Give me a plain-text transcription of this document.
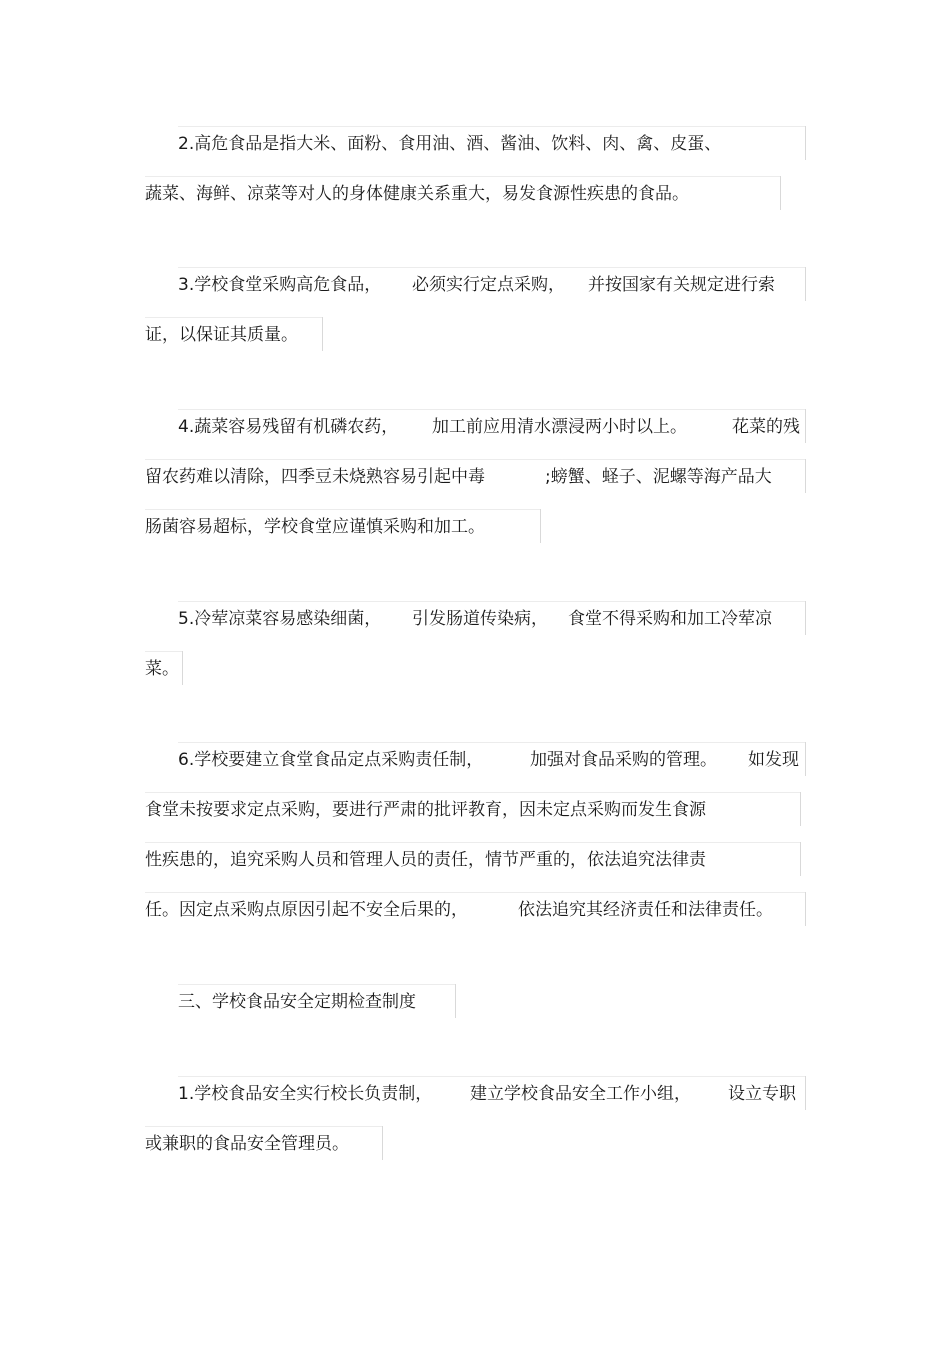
2.高危食品是指大米、面粉、食用油、酒、酱油、饮料、肉、禽、皮蛋、
蔬菜、海鲜、凉菜等对人的身体健康关系重大，易发食源性疾患的食品。
3.学校食堂采购高危食品， 必须实行定点采购， 并按国家有关规定进行索
证，以保证其质量。
4.蔬菜容易残留有机磷农药， 加工前应用清水漂浸两小时以上。	花菜的残
留农药难以清除，四季豆未烧熟容易引起中毒	;螃蟹、蛏子、泥螺等海产品大
肠菌容易超标，学校食堂应谨慎采购和加工。
5.冷荤凉菜容易感染细菌， 引发肠道传染病， 食堂不得采购和加工冷荤凉
菜。
6.学校要建立食堂食品定点采购责任制，	加强对食品采购的管理。 如发现
食堂未按要求定点采购，要进行严肃的批评教育，因未定点采购而发生食源
性疾患的，追究采购人员和管理人员的责任，情节严重的，依法追究法律责
任。因定点采购点原因引起不安全后果的，	依法追究其经济责任和法律责任。
三、学校食品安全定期检查制度
1.学校食品安全实行校长负责制， 建立学校食品安全工作小组， 设立专职
或兼职的食品安全管理员。
